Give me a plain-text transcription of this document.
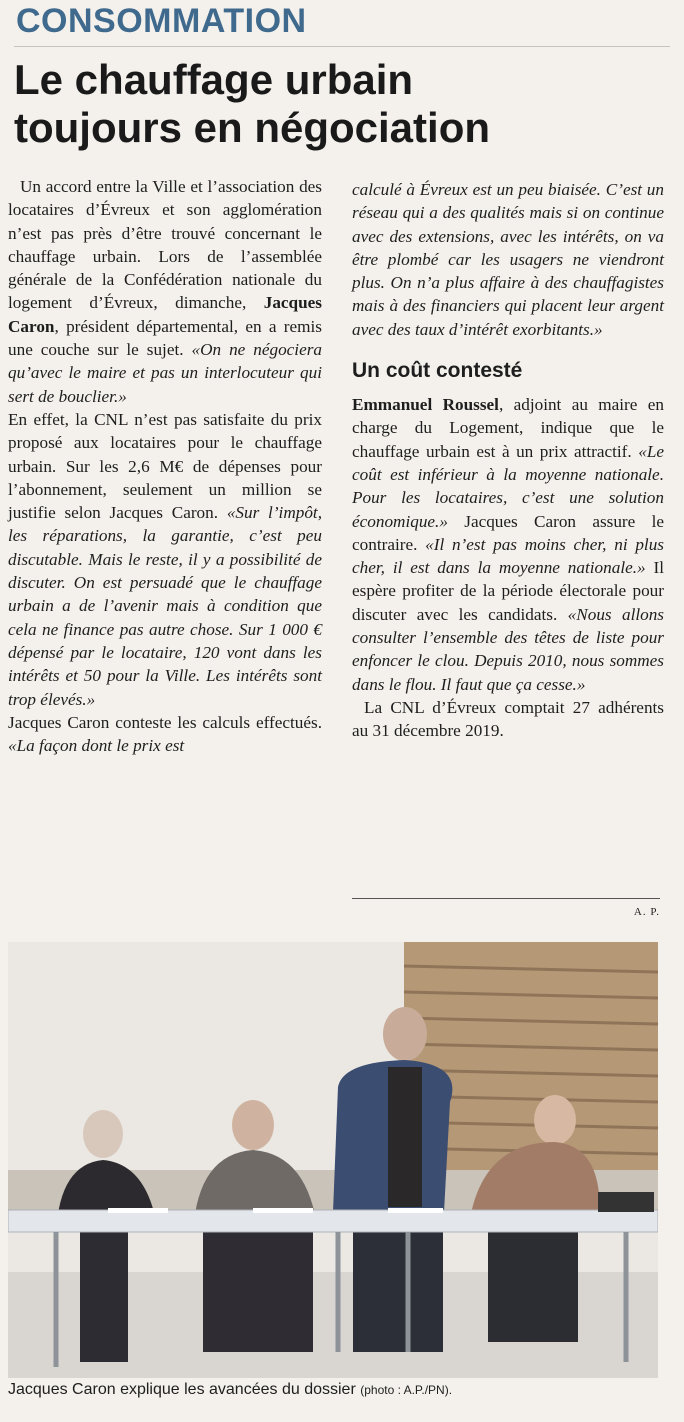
CONSOMMATION
Le chauffage urbain
toujours en négociation

Un accord entre la Ville et l’association des locataires d’Évreux et son agglomération n’est pas près d’être trouvé concernant le chauffage urbain. Lors de l’assemblée générale de la Confédération nationale du logement d’Évreux, dimanche, Jacques Caron, président départemental, en a remis une couche sur le sujet. «On ne négociera qu’avec le maire et pas un interlocuteur qui sert de bouclier.»

En effet, la CNL n’est pas satisfaite du prix proposé aux locataires pour le chauffage urbain. Sur les 2,6 M€ de dépenses pour l’abonnement, seulement un million se justifie selon Jacques Caron. «Sur l’impôt, les réparations, la garantie, c’est peu discutable. Mais le reste, il y a possibilité de discuter. On est persuadé que le chauffage urbain a de l’avenir mais à condition que cela ne finance pas autre chose. Sur 1 000 € dépensé par le locataire, 120 vont dans les intérêts et 50 pour la Ville. Les intérêts sont trop élevés.»

Jacques Caron conteste les calculs effectués. «La façon dont le prix est

calculé à Évreux est un peu biaisée. C’est un réseau qui a des qualités mais si on continue avec des extensions, avec les intérêts, on va être plombé car les usagers ne viendront plus. On n’a plus affaire à des chauffagistes mais à des financiers qui placent leur argent avec des taux d’intérêt exorbitants.»

Un coût contesté

Emmanuel Roussel, adjoint au maire en charge du Logement, indique que le chauffage urbain est à un prix attractif. «Le coût est inférieur à la moyenne nationale. Pour les locataires, c’est une solution économique.» Jacques Caron assure le contraire. «Il n’est pas moins cher, ni plus cher, il est dans la moyenne nationale.» Il espère profiter de la période électorale pour discuter avec les candidats. «Nous allons consulter l’ensemble des têtes de liste pour enfoncer le clou. Depuis 2010, nous sommes dans le flou. Il faut que ça cesse.»

La CNL d’Évreux comptait 27 adhérents au 31 décembre 2019.

A. P.
Jacques Caron explique les avancées du dossier (photo : A.P./PN).
